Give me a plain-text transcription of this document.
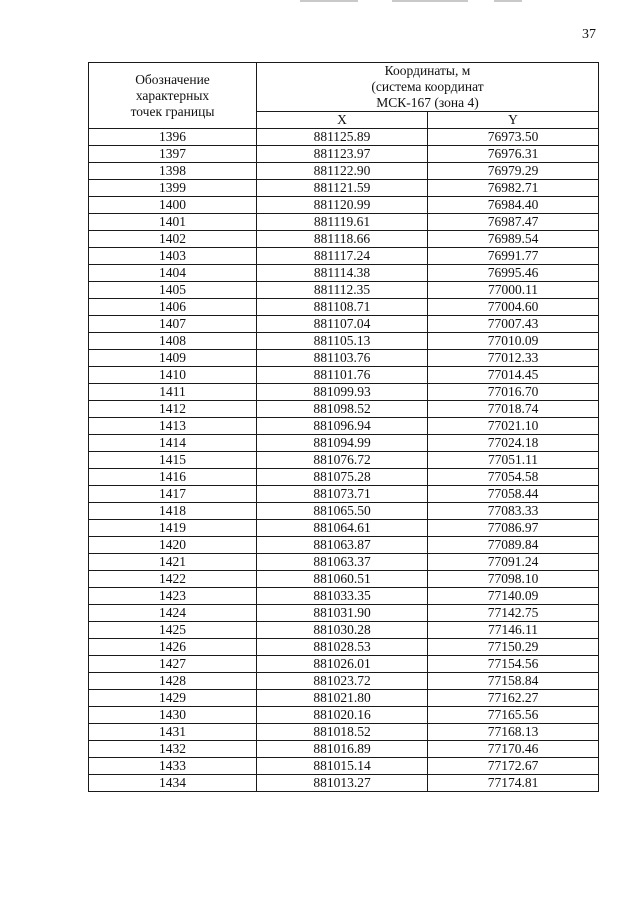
37
Обозначение
характерных
точек границы	Координаты, м
(система координат
МСК-167 (зона 4)	

	X	Y
1396	881125.89	76973.50
1397	881123.97	76976.31
1398	881122.90	76979.29
1399	881121.59	76982.71
1400	881120.99	76984.40
1401	881119.61	76987.47
1402	881118.66	76989.54
1403	881117.24	76991.77
1404	881114.38	76995.46
1405	881112.35	77000.11
1406	881108.71	77004.60
1407	881107.04	77007.43
1408	881105.13	77010.09
1409	881103.76	77012.33
1410	881101.76	77014.45
1411	881099.93	77016.70
1412	881098.52	77018.74
1413	881096.94	77021.10
1414	881094.99	77024.18
1415	881076.72	77051.11
1416	881075.28	77054.58
1417	881073.71	77058.44
1418	881065.50	77083.33
1419	881064.61	77086.97
1420	881063.87	77089.84
1421	881063.37	77091.24
1422	881060.51	77098.10
1423	881033.35	77140.09
1424	881031.90	77142.75
1425	881030.28	77146.11
1426	881028.53	77150.29
1427	881026.01	77154.56
1428	881023.72	77158.84
1429	881021.80	77162.27
1430	881020.16	77165.56
1431	881018.52	77168.13
1432	881016.89	77170.46
1433	881015.14	77172.67
1434	881013.27	77174.81
